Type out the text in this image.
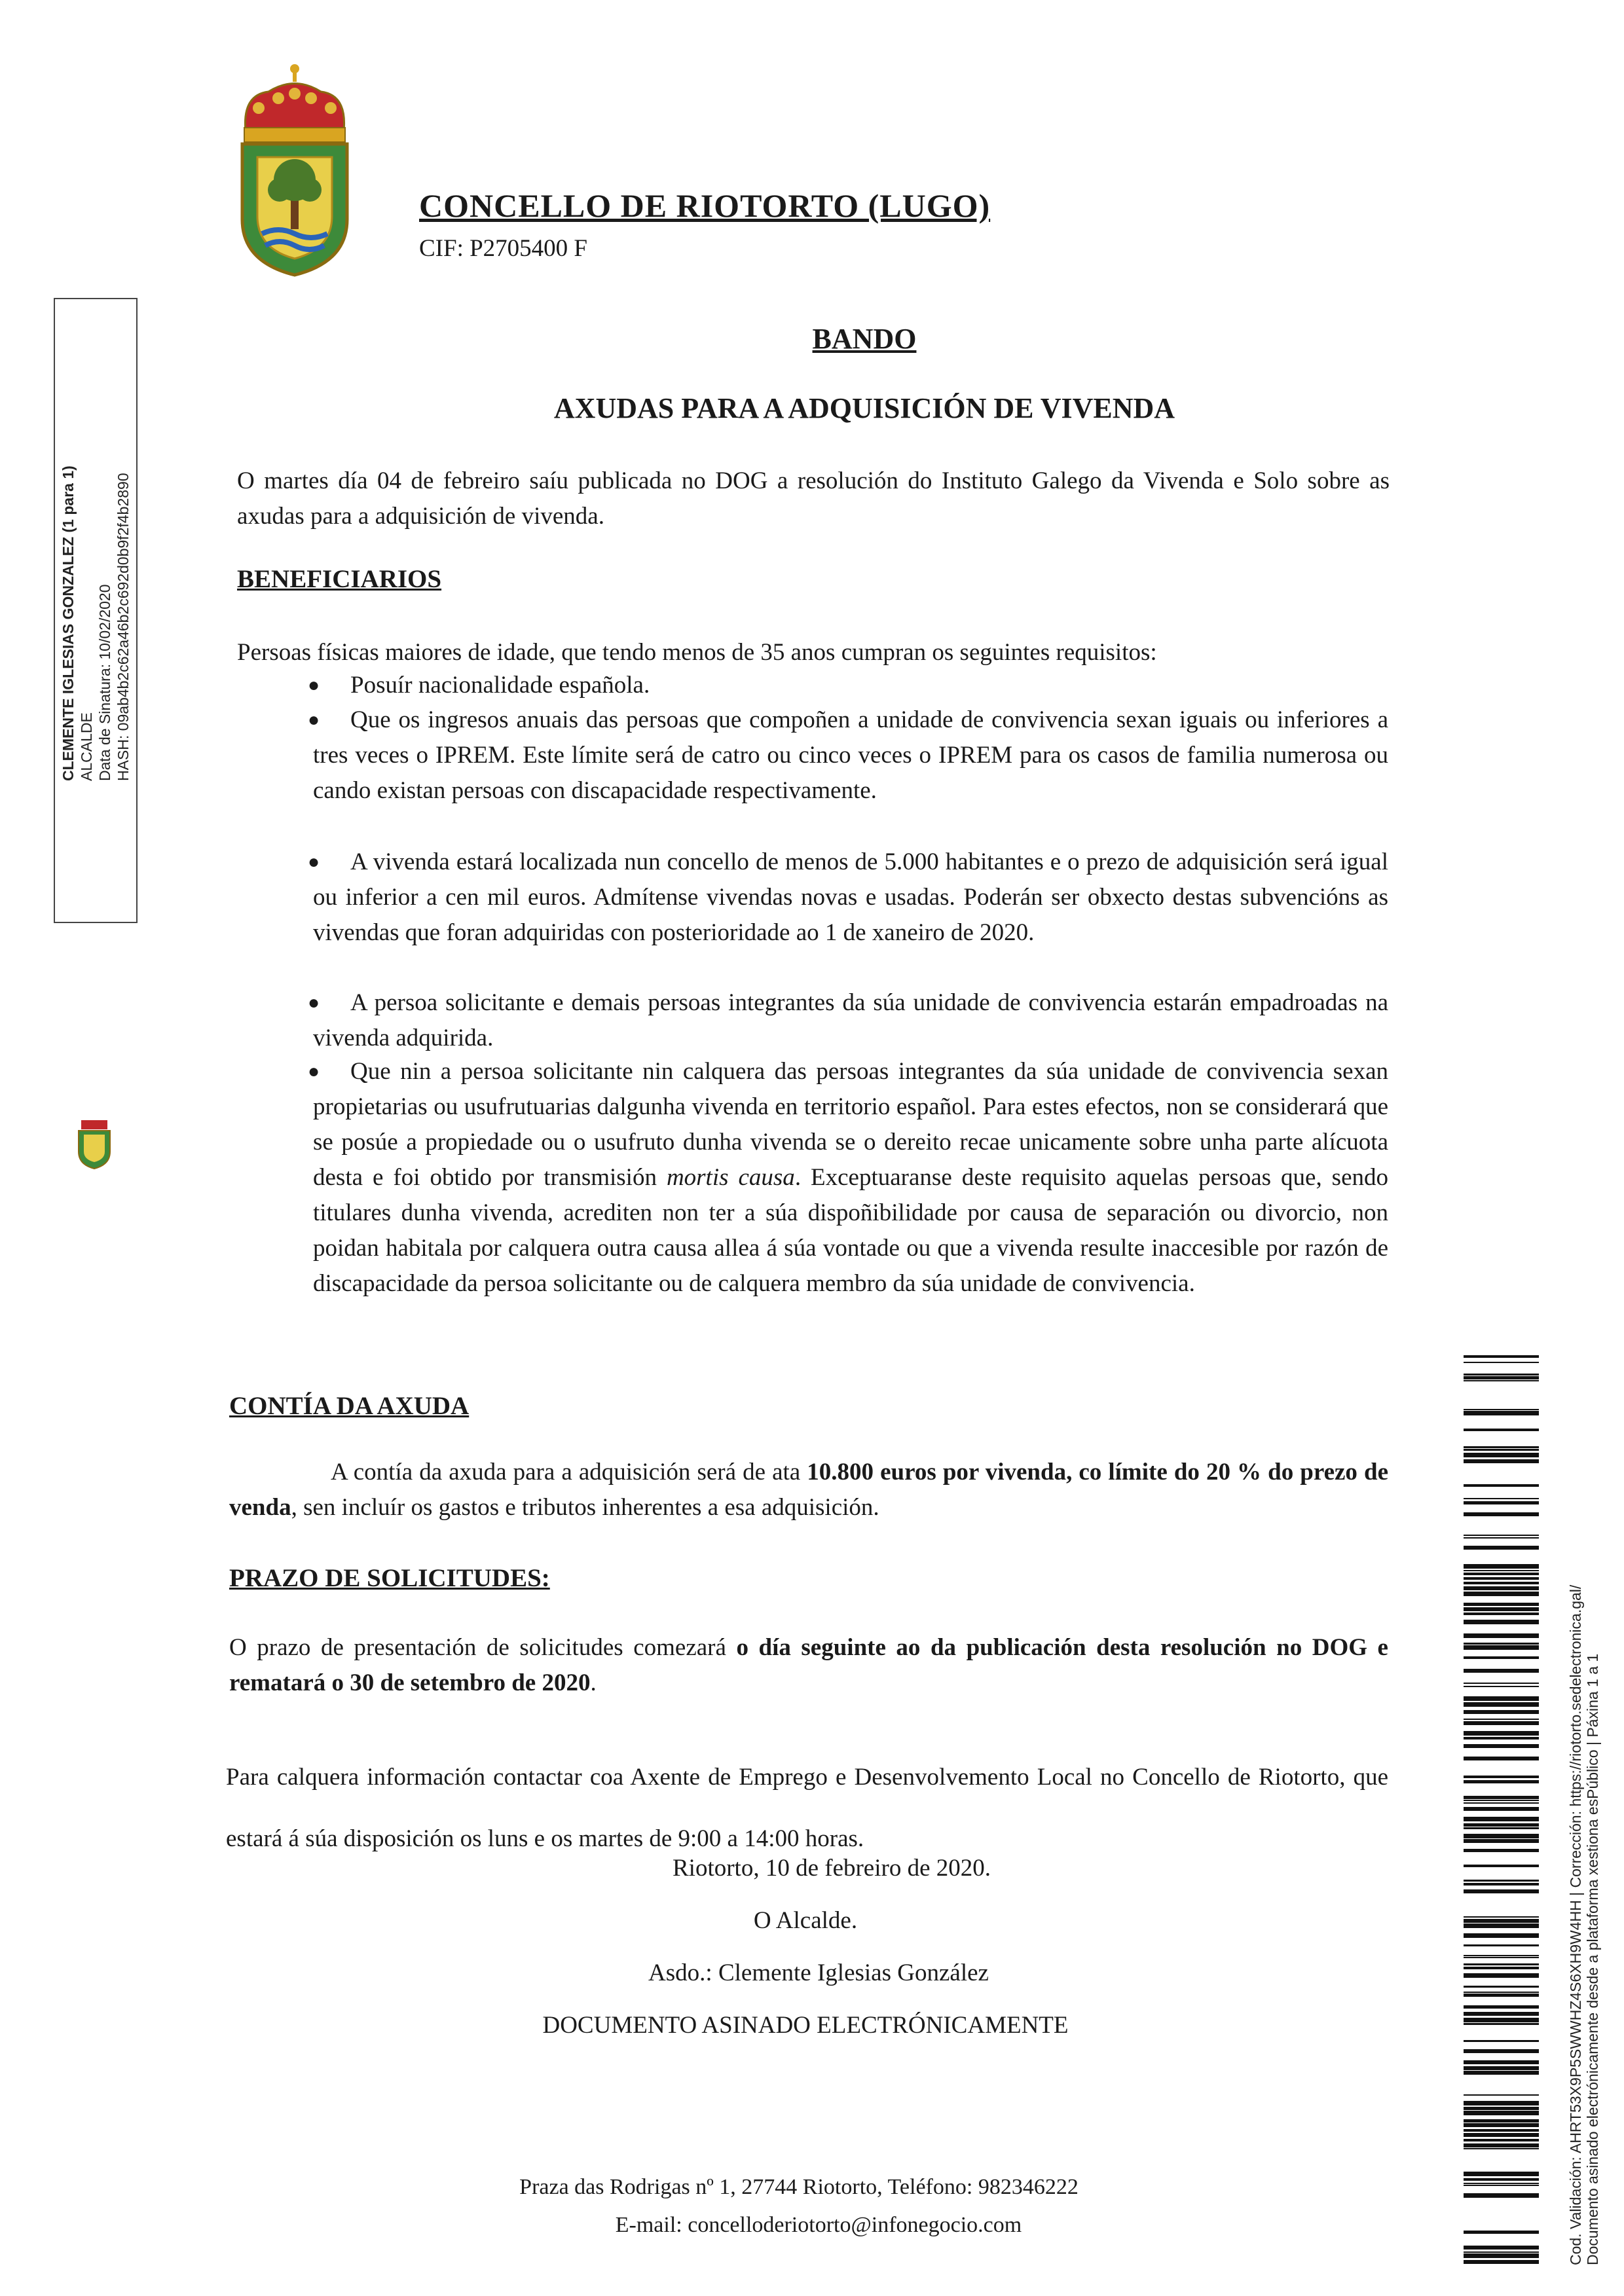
CONCELLO DE RIOTORTO (LUGO)
CIF: P2705400 F
CLEMENTE IGLESIAS GONZALEZ (1 para 1) ALCALDE Data de Sinatura: 10/02/2020 HASH: 09ab4b2c62a46b2c692d0b9f2f4b2890
BANDO
AXUDAS PARA A ADQUISICIÓN DE VIVENDA
O martes día 04 de febreiro saíu publicada no DOG a resolución do Instituto Galego da Vivenda e Solo sobre as axudas para a adquisición de vivenda.
BENEFICIARIOS
Persoas físicas maiores de idade, que tendo menos de 35 anos cumpran os seguintes requisitos:
● Posuír nacionalidade española.
●	Que os ingresos anuais das persoas que compoñen a unidade de convivencia sexan iguais ou inferiores a tres veces o IPREM. Este límite será de catro ou cinco veces o IPREM para os casos de familia numerosa ou cando existan persoas con discapacidade respectivamente.
●	A vivenda estará localizada nun concello de menos de 5.000 habitantes e o prezo de adquisición será igual ou inferior a cen mil euros. Admítense vivendas novas e usadas. Poderán ser obxecto destas subvencións as vivendas que foran adquiridas con posterioridade ao 1 de xaneiro de 2020.
●	A persoa solicitante e demais persoas integrantes da súa unidade de convivencia estarán empadroadas na vivenda adquirida.
●	Que nin a persoa solicitante nin calquera das persoas integrantes da súa unidade de convivencia sexan propietarias ou usufrutuarias dalgunha vivenda en territorio español. Para estes efectos, non se considerará que se posúe a propiedade ou o usufruto dunha vivenda se o dereito recae unicamente sobre unha parte alícuota desta e foi obtido por transmisión mortis causa. Exceptuaranse deste requisito aquelas persoas que, sendo titulares dunha vivenda, acrediten non ter a súa dispoñibilidade por causa de separación ou divorcio, non poidan habitala por calquera outra causa allea á súa vontade ou que a vivenda resulte inaccesible por razón de discapacidade da persoa solicitante ou de calquera membro da súa unidade de convivencia.
CONTÍA DA AXUDA
A contía da axuda para a adquisición será de ata 10.800 euros por vivenda, co límite do 20 % do prezo de venda, sen incluír os gastos e tributos inherentes a esa adquisición.
PRAZO DE SOLICITUDES:
O prazo de presentación de solicitudes comezará o día seguinte ao da publicación desta resolución no DOG e rematará o 30 de setembro de 2020.
Para calquera información contactar coa Axente de Emprego e Desenvolvemento Local no Concello de Riotorto, que estará á súa disposición os luns e os martes de 9:00 a 14:00 horas.
Riotorto, 10 de febreiro de 2020.
O Alcalde.
Asdo.: Clemente Iglesias González
DOCUMENTO ASINADO ELECTRÓNICAMENTE
Praza das Rodrigas nº 1, 27744 Riotorto, Teléfono: 982346222
E-mail: concelloderiotorto@infonegocio.com	Cod. Validación: AHRT53X9P5SWWHZ4S6XH9W4HH | Corrección: https://riotorto.sedelectronica.gal/ Documento asinado electrónicamente desde a plataforma xestiona esPúblico | Páxina 1 a 1
